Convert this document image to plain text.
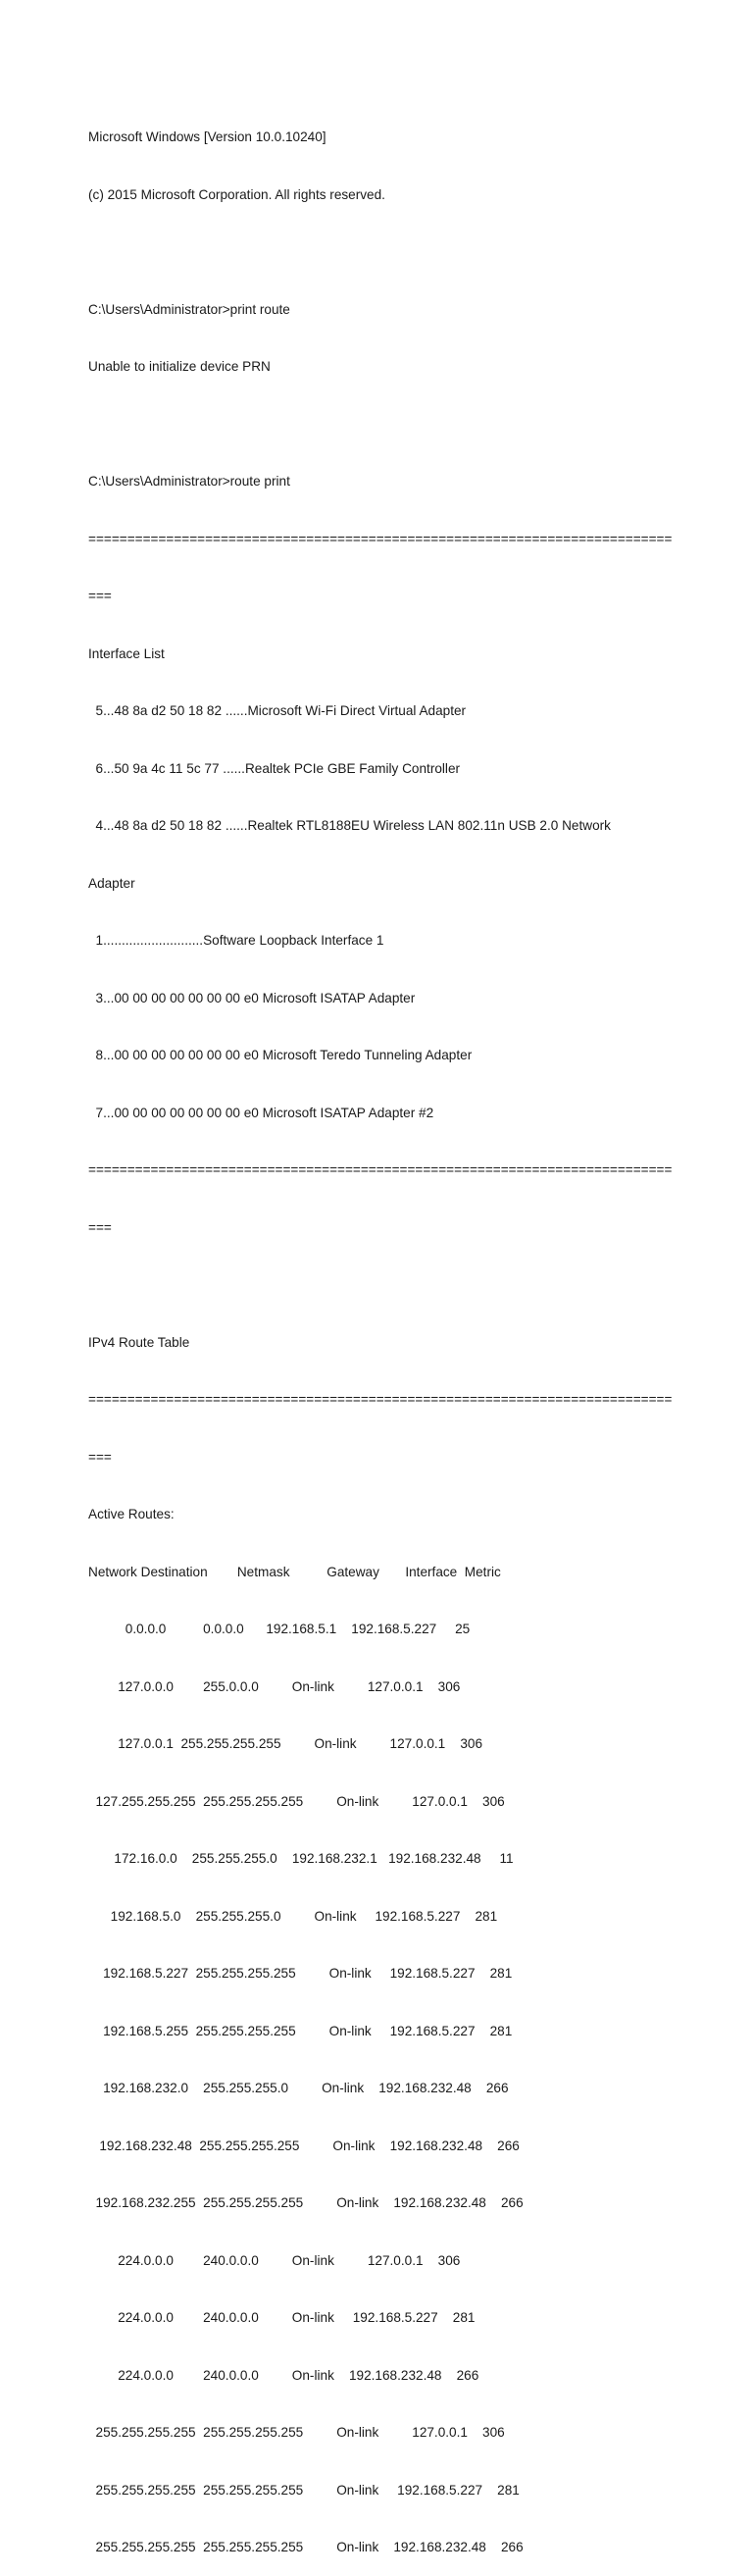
Microsoft Windows [Version 10.0.10240]

(c) 2015 Microsoft Corporation. All rights reserved.

C:\Users\Administrator>print route

Unable to initialize device PRN

C:\Users\Administrator>route print

===========================================================================

===

Interface List

5...48 8a d2 50 18 82 ......Microsoft Wi-Fi Direct Virtual Adapter

6...50 9a 4c 11 5c 77 ......Realtek PCIe GBE Family Controller

4...48 8a d2 50 18 82 ......Realtek RTL8188EU Wireless LAN 802.11n USB 2.0 Network

Adapter

1...........................Software Loopback Interface 1

3...00 00 00 00 00 00 00 e0 Microsoft ISATAP Adapter

8...00 00 00 00 00 00 00 e0 Microsoft Teredo Tunneling Adapter

7...00 00 00 00 00 00 00 e0 Microsoft ISATAP Adapter #2

===========================================================================

===

IPv4 Route Table

===========================================================================

===

Active Routes:

Network Destination        Netmask          Gateway       Interface  Metric

0.0.0.0          0.0.0.0      192.168.5.1    192.168.5.227     25

127.0.0.0        255.0.0.0         On-link         127.0.0.1    306

127.0.0.1  255.255.255.255         On-link         127.0.0.1    306

127.255.255.255  255.255.255.255         On-link         127.0.0.1    306

172.16.0.0    255.255.255.0    192.168.232.1   192.168.232.48     11

192.168.5.0    255.255.255.0         On-link     192.168.5.227    281

192.168.5.227  255.255.255.255         On-link     192.168.5.227    281

192.168.5.255  255.255.255.255         On-link     192.168.5.227    281

192.168.232.0    255.255.255.0         On-link    192.168.232.48    266

192.168.232.48  255.255.255.255         On-link    192.168.232.48    266

192.168.232.255  255.255.255.255         On-link    192.168.232.48    266

224.0.0.0        240.0.0.0         On-link         127.0.0.1    306

224.0.0.0        240.0.0.0         On-link     192.168.5.227    281

224.0.0.0        240.0.0.0         On-link    192.168.232.48    266

255.255.255.255  255.255.255.255         On-link         127.0.0.1    306

255.255.255.255  255.255.255.255         On-link     192.168.5.227    281

255.255.255.255  255.255.255.255         On-link    192.168.232.48    266
